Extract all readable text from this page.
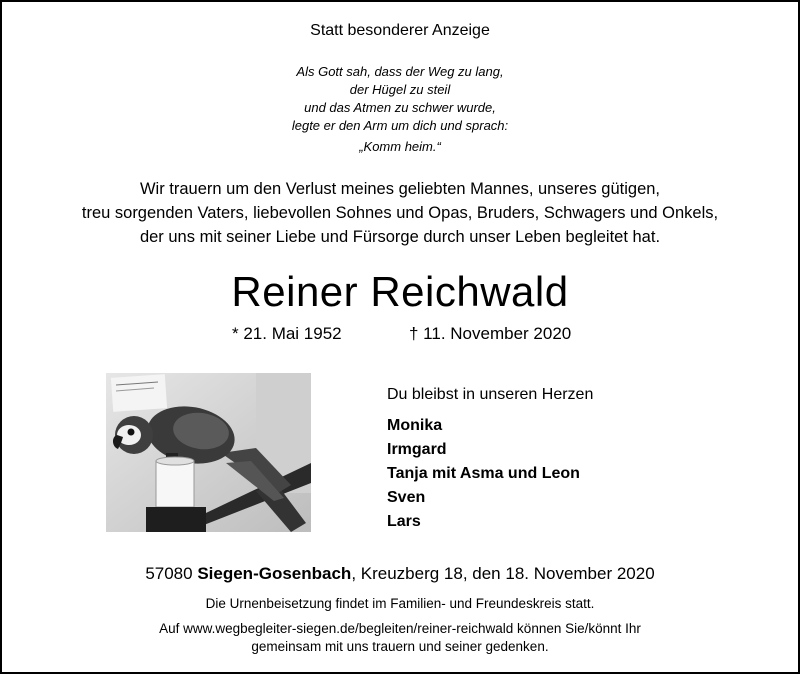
Statt besonderer Anzeige
Als Gott sah, dass der Weg zu lang,
der Hügel zu steil
und das Atmen zu schwer wurde,
legte er den Arm um dich und sprach:
„Komm heim.“
Wir trauern um den Verlust meines geliebten Mannes, unseres gütigen,
treu sorgenden Vaters, liebevollen Sohnes und Opas, Bruders, Schwagers und Onkels,
der uns mit seiner Liebe und Fürsorge durch unser Leben begleitet hat.
Reiner Reichwald
* 21. Mai 1952	† 11. November 2020
Du bleibst in unseren Herzen
Monika
Irmgard
Tanja mit Asma und Leon
Sven
Lars
57080 Siegen-Gosenbach, Kreuzberg 18, den 18. November 2020
Die Urnenbeisetzung findet im Familien- und Freundeskreis statt.
Auf www.wegbegleiter-siegen.de/begleiten/reiner-reichwald können Sie/könnt Ihr
gemeinsam mit uns trauern und seiner gedenken.
